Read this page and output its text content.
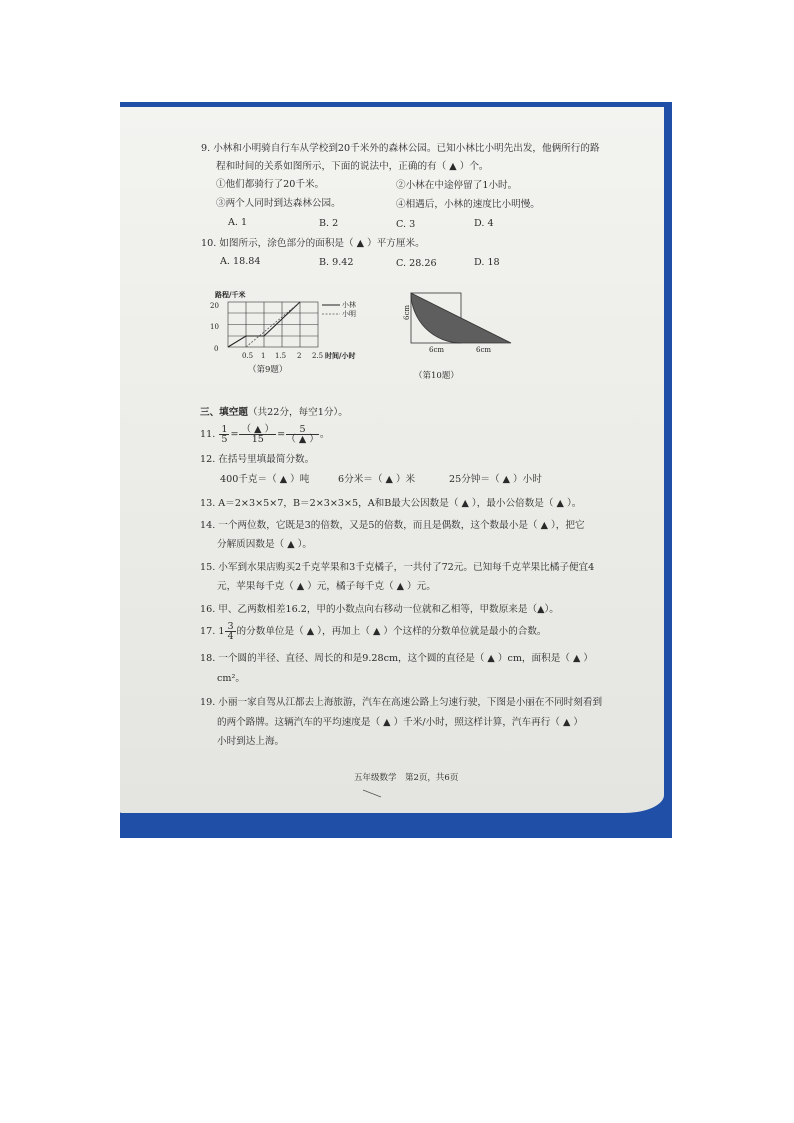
9. 小林和小明骑自行车从学校到20千米外的森林公园。已知小林比小明先出发，他俩所行的路
程和时间的关系如图所示，下面的说法中，正确的有（ ▲ ）个。
①他们都骑行了20千米。	②小林在中途停留了1小时。
③两个人同时到达森林公园。	④相遇后，小林的速度比小明慢。
A. 1	B. 2	C. 3	D. 4
10. 如图所示，涂色部分的面积是（ ▲ ）平方厘米。
A. 18.84	B. 9.42	C. 28.26	D. 18
路程/千米
20
10
0
0.5 1 1.5 2 2.5 时间/小时
小林
小明
（第9题）
6cm
6cm	6cm
（第10题）
三、填空题（共22分，每空1分）。
11. $\frac{1}{5}$ = （ ▲ ）
15	=	5
（ ▲ ） 。
12. 在括号里填最简分数。
400千克＝（ ▲ ）吨	6分米＝（ ▲ ）米	25分钟＝（ ▲ ）小时
13. A＝2×3×5×7，B＝2×3×3×5，A和B最大公因数是（ ▲ ），最小公倍数是（ ▲ ）。
14. 一个两位数，它既是3的倍数，又是5的倍数，而且是偶数，这个数最小是（ ▲ ），把它
分解质因数是（ ▲ ）。
15. 小军到水果店购买2千克苹果和3千克橘子，一共付了72元。已知每千克苹果比橘子便宜4
元，苹果每千克（ ▲ ）元，橘子每千克（ ▲ ）元。
16. 甲、乙两数相差16.2，甲的小数点向右移动一位就和乙相等，甲数原来是（▲）。
17. $1 \frac{3}{4}$ 的分数单位是（ ▲ ），再加上（ ▲ ）个这样的分数单位就是最小的合数。
18. 一个圆的半径、直径、周长的和是9.28cm，这个圆的直径是（ ▲ ）cm，面积是（ ▲ ）
cm²。
19. 小丽一家自驾从江都去上海旅游，汽车在高速公路上匀速行驶，下图是小丽在不同时刻看到
的两个路牌。这辆汽车的平均速度是（ ▲ ）千米/小时，照这样计算，汽车再行（ ▲ ）
小时到达上海。
五年级数学　第2页，共6页
